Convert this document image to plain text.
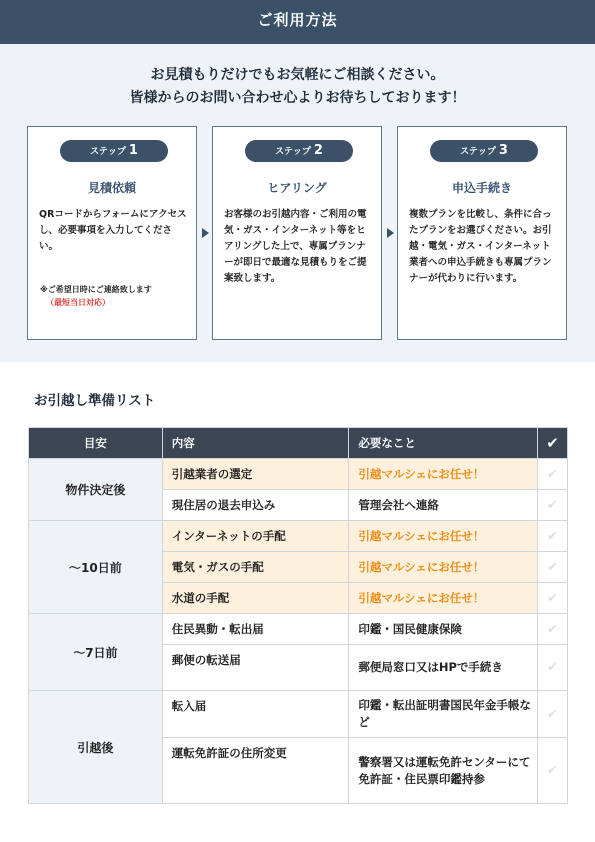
ご利用方法
お見積もりだけでもお気軽にご相談ください。
皆様からのお問い合わせ心よりお待ちしております！
ステップ 1
見積依頼
QRコードからフォームにアクセスし、必要事項を入力してください。
※ご希望日時にご連絡致します
（最短当日対応）
ステップ 2
ヒアリング
お客様のお引越内容・ご利用の電気・ガス・インターネット等をヒアリングした上で、専属プランナーが即日で最適な見積もりをご提案致します。
ステップ 3
申込手続き
複数プランを比較し、条件に合ったプランをお選びください。お引越・電気・ガス・インターネット業者への申込手続きも専属プランナーが代わりに行います。
お引越し準備リスト
目安	内容	必要なこと	✔
物件決定後	引越業者の選定	引越マルシェにお任せ！	✔
	現住居の退去申込み	管理会社へ連絡	✔
〜10日前	インターネットの手配	引越マルシェにお任せ！	✔
	電気・ガスの手配	引越マルシェにお任せ！	✔
	水道の手配	引越マルシェにお任せ！	✔
〜7日前	住民異動・転出届	印鑑・国民健康保険	✔
	郵便の転送届	郵便局窓口又はHPで手続き	✔
引越後	転入届	印鑑・転出証明書国民年金手帳など	✔
	運転免許証の住所変更	警察署又は運転免許センターにて免許証・住民票印鑑持参	✔
